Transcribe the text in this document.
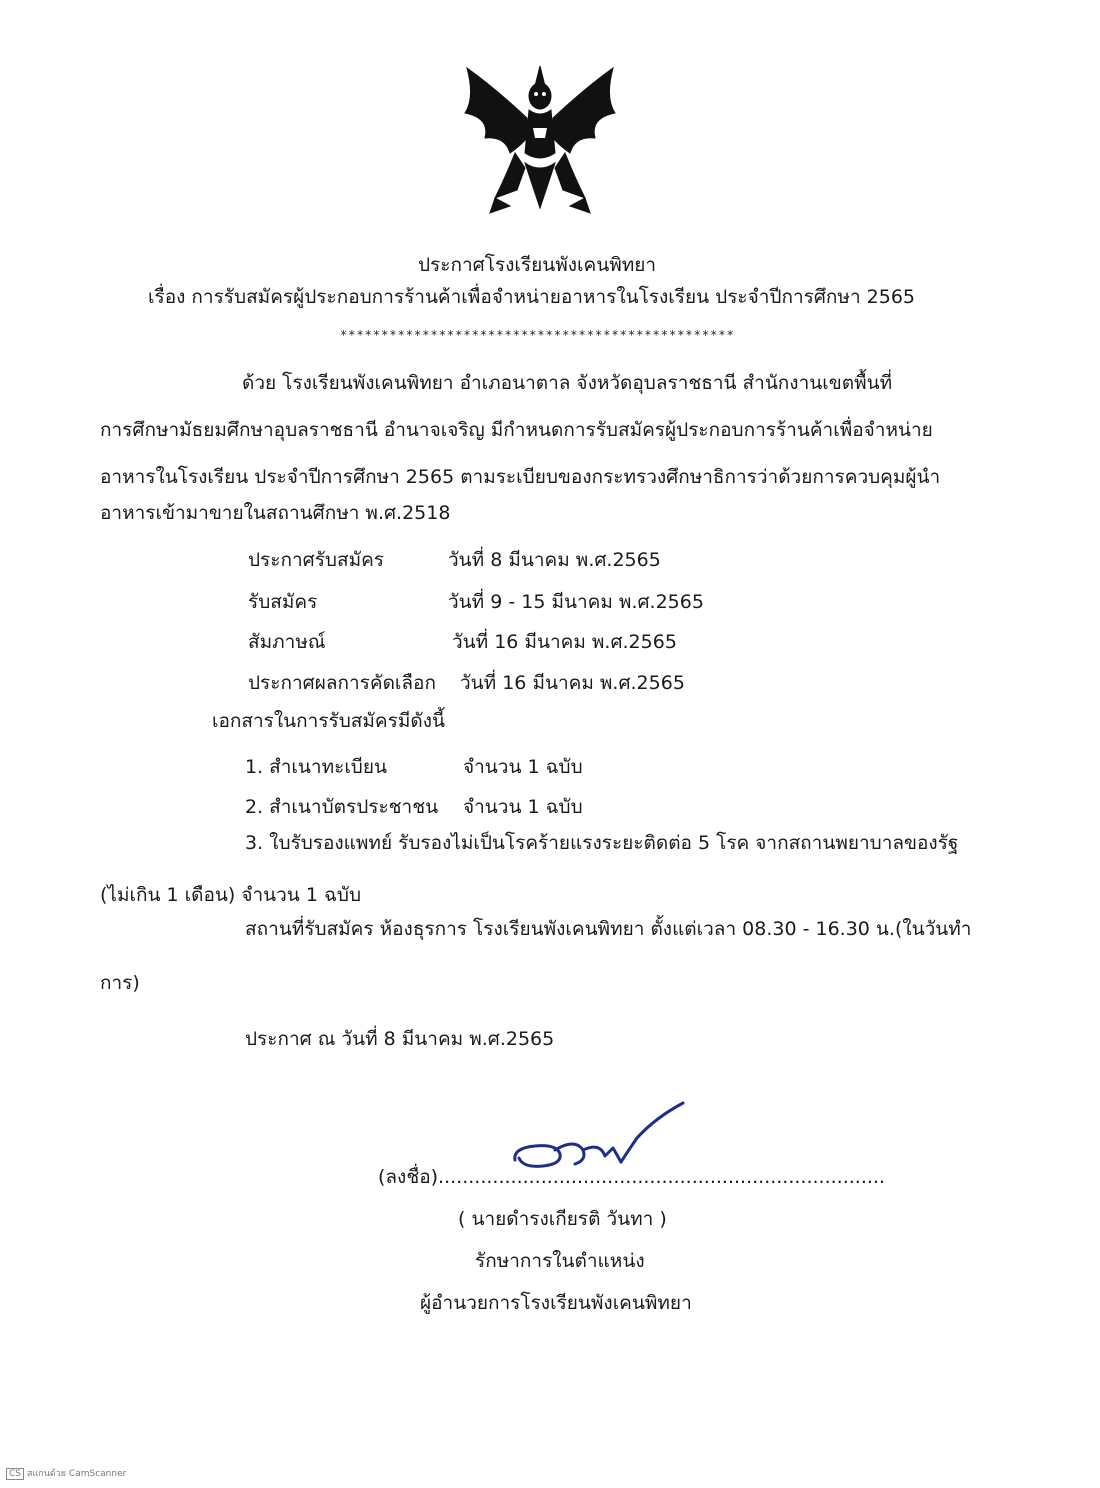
ประกาศโรงเรียนพังเคนพิทยา
เรื่อง การรับสมัครผู้ประกอบการร้านค้าเพื่อจำหน่ายอาหารในโรงเรียน ประจำปีการศึกษา 2565
************************************************
ด้วย โรงเรียนพังเคนพิทยา อำเภอนาตาล จังหวัดอุบลราชธานี สำนักงานเขตพื้นที่
การศึกษามัธยมศึกษาอุบลราชธานี อำนาจเจริญ มีกำหนดการรับสมัครผู้ประกอบการร้านค้าเพื่อจำหน่าย
อาหารในโรงเรียน ประจำปีการศึกษา 2565 ตามระเบียบของกระทรวงศึกษาธิการว่าด้วยการควบคุมผู้นำ
อาหารเข้ามาขายในสถานศึกษา พ.ศ.2518
ประกาศรับสมัคร	วันที่ 8 มีนาคม พ.ศ.2565
รับสมัคร	วันที่ 9 - 15 มีนาคม พ.ศ.2565
สัมภาษณ์	วันที่ 16 มีนาคม พ.ศ.2565
ประกาศผลการคัดเลือก วันที่ 16 มีนาคม พ.ศ.2565
เอกสารในการรับสมัครมีดังนี้
1. สำเนาทะเบียน	จำนวน 1 ฉบับ
2. สำเนาบัตรประชาชน จำนวน 1 ฉบับ
3. ใบรับรองแพทย์ รับรองไม่เป็นโรคร้ายแรงระยะติดต่อ 5 โรค จากสถานพยาบาลของรัฐ
(ไม่เกิน 1 เดือน) จำนวน 1 ฉบับ
สถานที่รับสมัคร ห้องธุรการ โรงเรียนพังเคนพิทยา ตั้งแต่เวลา 08.30 - 16.30 น.(ในวันทำ
การ)
ประกาศ ณ วันที่ 8 มีนาคม พ.ศ.2565
(ลงชื่อ)..........................................................................
( นายดำรงเกียรติ วันทา )
รักษาการในตำแหน่ง
ผู้อำนวยการโรงเรียนพังเคนพิทยา
CS สแกนด้วย CamScanner
